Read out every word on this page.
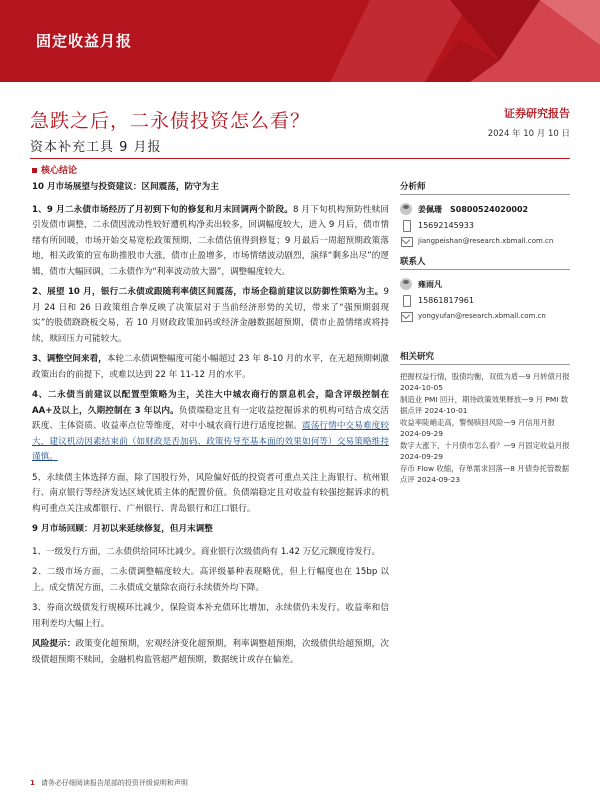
固定收益月报
证券研究报告
2024 年 10 月 10 日
急跌之后，二永债投资怎么看？
资本补充工具 9 月报
核心结论

10 月市场展望与投资建议：区间震荡，防守为主

1、9 月二永债市场经历了月初到下旬的修复和月末回调两个阶段。8 月下旬机构预防性赎回引发债市调整，二永债因流动性较好遭机构净卖出较多，回调幅度较大，进入 9 月后，债市情绪有所回暖，市场开始交易宽松政策预期，二永债估值得到修复；9 月最后一周超预期政策落地，相关政策的宣布助推股市大涨，债市止盈增多，市场情绪波动剧烈，演绎“剩多出尽”的逻辑，债市大幅回调，二永债作为“利率波动放大器”，调整幅度较大。

2、展望 10 月，银行二永债或跟随利率债区间震荡，市场企稳前建议以防御性策略为主。9 月 24 日和 26 日政策组合拳反映了决策层对于当前经济形势的关切，带来了“强预期弱现实”的股债跷跷板交易，若 10 月财政政策加码或经济金融数据超预期，债市止盈情绪或将持续，赎回压力可能较大。

3、调整空间来看，本轮二永债调整幅度可能小幅超过 23 年 8-10 月的水平，在无超预期刺激政策出台的前提下，或难以达到 22 年 11-12 月的水平。

4、二永债当前建议以配置型策略为主，关注大中城农商行的票息机会，隐含评级控制在 AA+及以上，久期控制在 3 年以内。负债端稳定且有一定收益挖掘诉求的机构可结合成交活跃度、主体资质、收益率点位等维度，对中小城农商行进行适度挖掘。震荡行情中交易难度较大，建议机动因素结束前（如财政是否加码、政策传导至基本面的效果如何等）交易策略维持谨慎。

5、永续债主体选择方面，除了国股行外，风险偏好低的投资者可重点关注上海银行、杭州银行、南京银行等经济发达区域优质主体的配置价值。负债端稳定且对收益有较强挖掘诉求的机构可重点关注成都银行、广州银行、青岛银行和江口银行。

9 月市场回顾：月初以来延续修复，但月末调整

1、一级发行方面，二永债供给同环比减少。商业银行次级债尚有 1.42 万亿元额度待发行。

2、二级市场方面，二永债调整幅度较大。高评级暴种表现略优，但上行幅度也在 15bp 以上。成交情况方面，二永债成交量除农商行永续债外均下降。

3、券商次级债发行规模环比减少，保险资本补充债环比增加，永续债仍未发行。收益率和信用利差均大幅上行。

风险提示：政策变化超预期，宏观经济变化超预期，利率调整超预期，次级债供给超预期，次级债超预期不赎回，金融机构监管超严超预期，数据统计或存在偏差。

分析师
姜佩珊 S0800524020002
15692145933
jiangpeishan@research.xbmall.com.cn
联系人
雍雨凡
15861817961
yongyufan@research.xbmall.com.cn
相关研究

把握权益行情，股债均衡，双低为盾—9 月转债月报 2024-10-05

制造业 PMI 回升，期待政策效果释放—9 月 PMI 数据点评 2024-10-01

收益率陡峭走高，警惕赎回风险—9 月信用月报 2024-09-29

数字大涨下，十月债市怎么看？—9 月固定收益月报 2024-09-29

存币 Flow 收缩，存单需求回落—8 月债券托管数据点评 2024-09-23

1 请务必仔细阅读报告尾部的投资评级说明和声明
